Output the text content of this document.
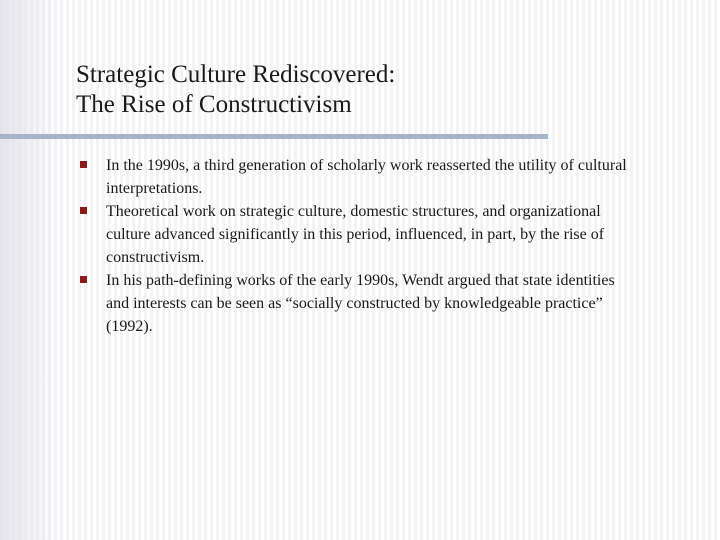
Strategic Culture Rediscovered:
The Rise of Constructivism
In the 1990s, a third generation of scholarly work reasserted the utility of cultural interpretations.
Theoretical work on strategic culture, domestic structures, and organizational culture advanced significantly in this period, influenced, in part, by the rise of constructivism.
In his path-defining works of the early 1990s, Wendt argued that state identities and interests can be seen as “socially constructed by knowledgeable practice” (1992).
